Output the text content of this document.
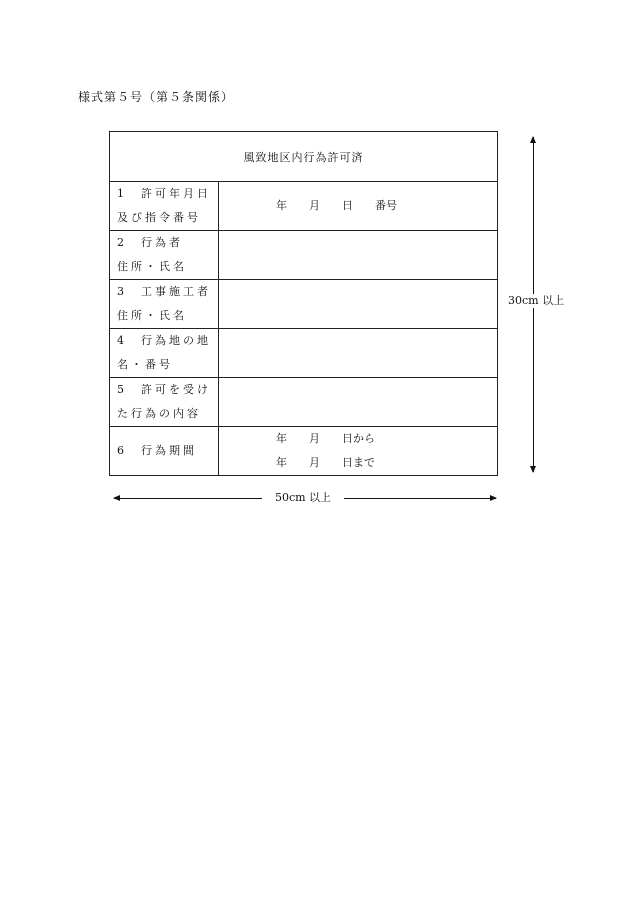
様式第５号（第５条関係）
風致地区内行為許可済	

1　許可年月日
及び指令番号	年　　月　　日　　番号

2　行為者
住所・氏名	

3　工事施工者
住所・氏名	

4　行為地の地
名・番号	

5　許可を受け
た行為の内容	

6　行為期間	年　　月　　日から
年　　月　　日まで
30cm 以上
50cm 以上
